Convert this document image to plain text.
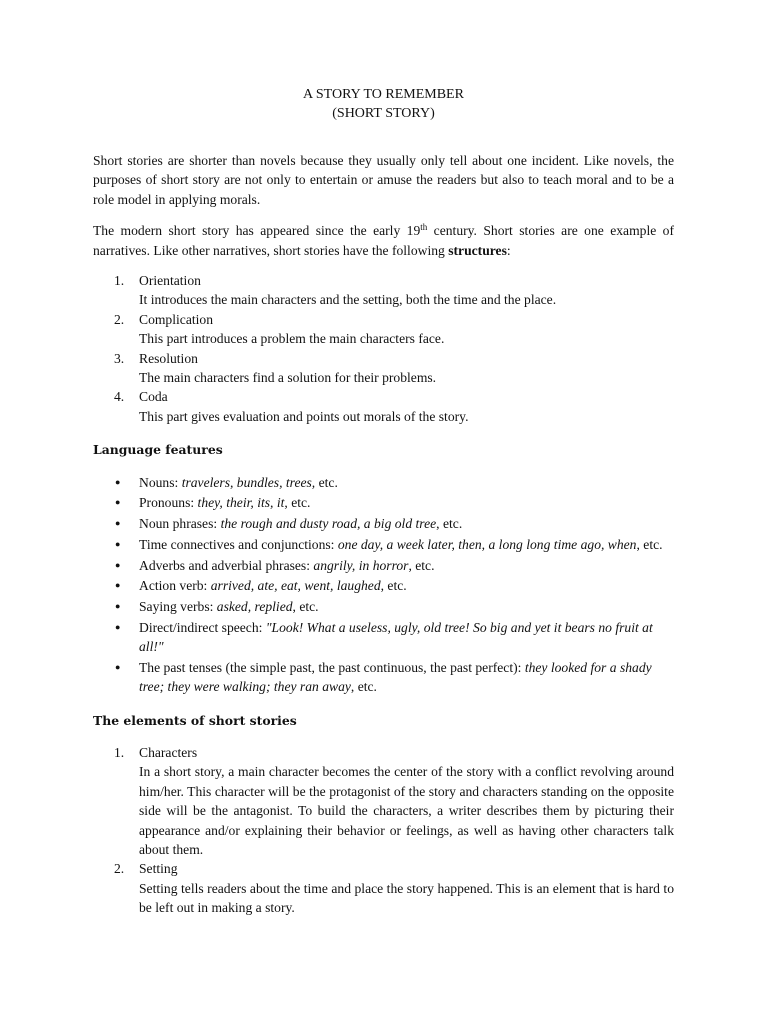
A STORY TO REMEMBER
(SHORT STORY)

Short stories are shorter than novels because they usually only tell about one incident. Like novels, the purposes of short story are not only to entertain or amuse the readers but also to teach moral and to be a role model in applying morals.

The modern short story has appeared since the early 19th century. Short stories are one example of narratives. Like other narratives, short stories have the following structures:

1. Orientation
It introduces the main characters and the setting, both the time and the place.
2. Complication
This part introduces a problem the main characters face.
3. Resolution
The main characters find a solution for their problems.
4. Coda
This part gives evaluation and points out morals of the story.
Language features
● Nouns: travelers, bundles, trees, etc.
● Pronouns: they, their, its, it, etc.
● Noun phrases: the rough and dusty road, a big old tree, etc.
● Time connectives and conjunctions: one day, a week later, then, a long long time ago, when, etc.
● Adverbs and adverbial phrases: angrily, in horror, etc.
● Action verb: arrived, ate, eat, went, laughed, etc.
● Saying verbs: asked, replied, etc.
● Direct/indirect speech: "Look! What a useless, ugly, old tree! So big and yet it bears no fruit at all!"
● The past tenses (the simple past, the past continuous, the past perfect): they looked for a shady tree; they were walking; they ran away, etc.
The elements of short stories
1. Characters
In a short story, a main character becomes the center of the story with a conflict revolving around him/her. This character will be the protagonist of the story and characters standing on the opposite side will be the antagonist. To build the characters, a writer describes them by picturing their appearance and/or explaining their behavior or feelings, as well as having other characters talk about them.
2. Setting
Setting tells readers about the time and place the story happened. This is an element that is hard to be left out in making a story.
